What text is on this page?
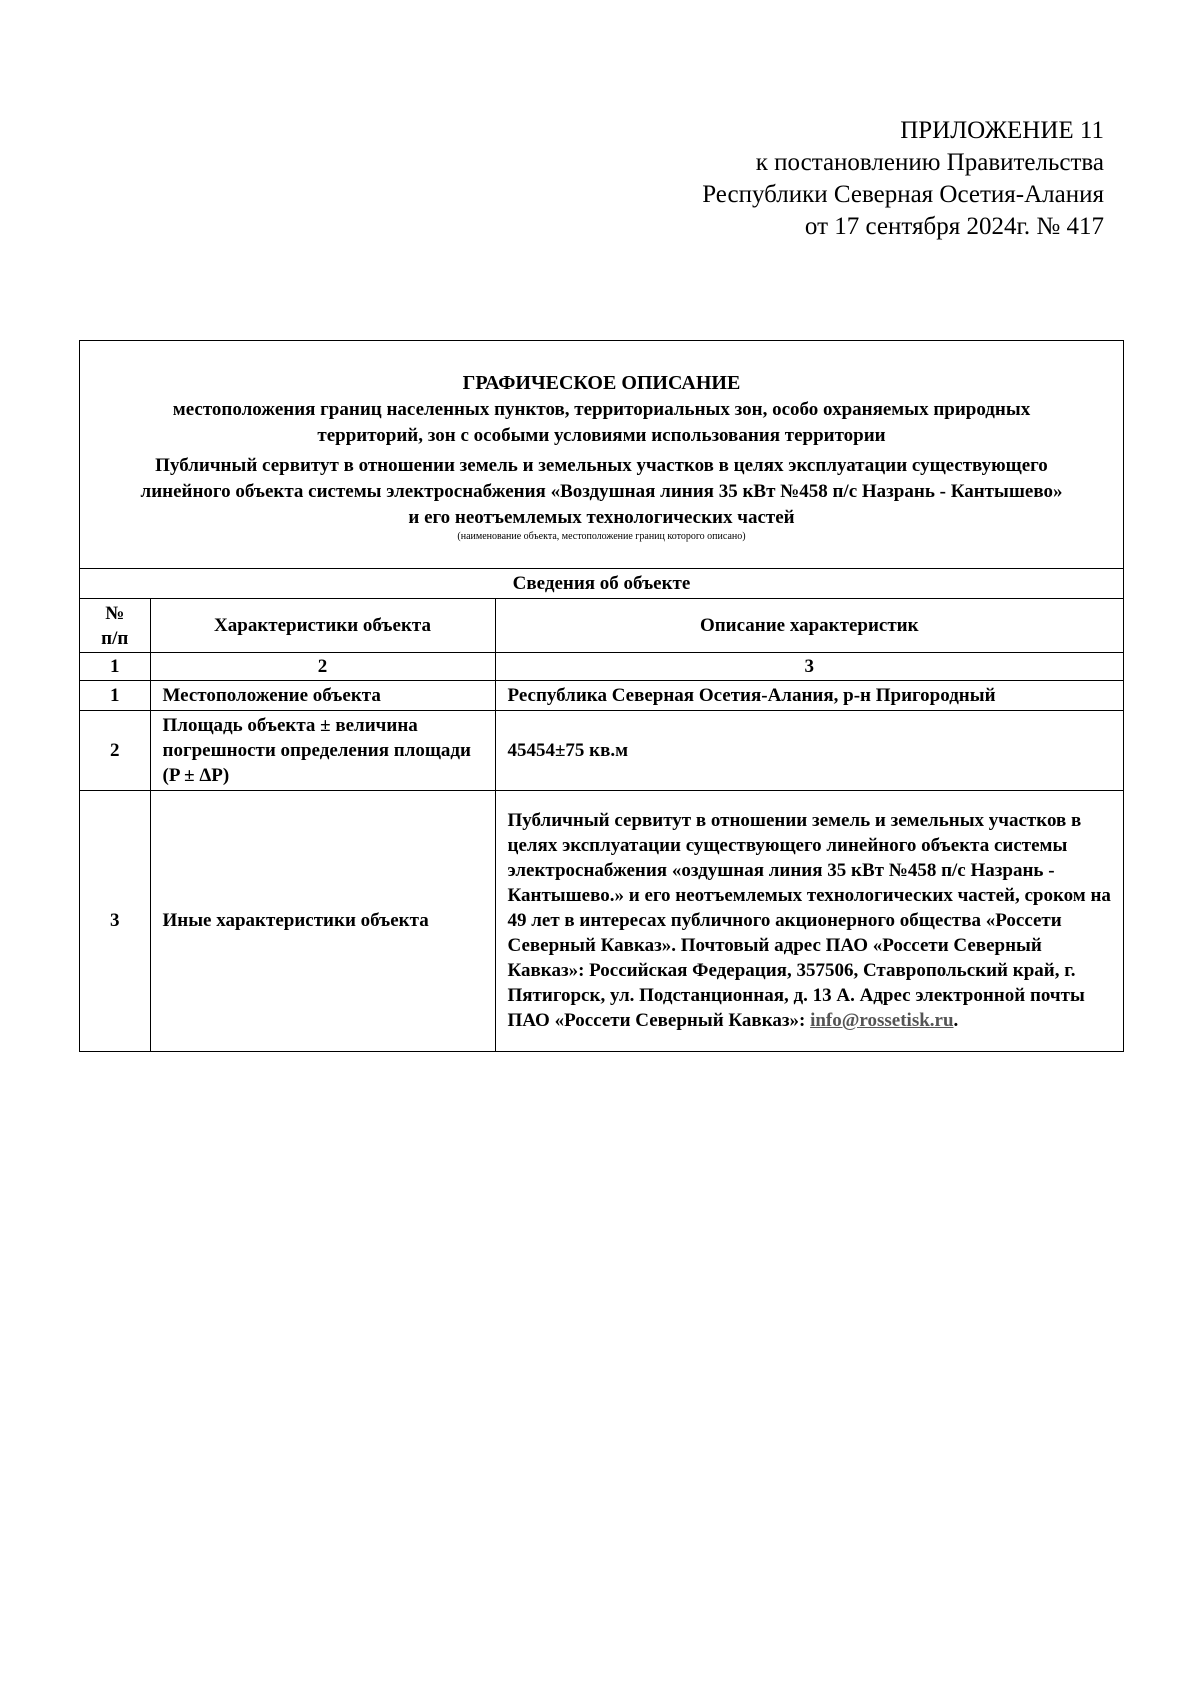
ПРИЛОЖЕНИЕ 11
к постановлению Правительства
Республики Северная Осетия-Алания
от 17 сентября 2024г. № 417
ГРАФИЧЕСКОЕ ОПИСАНИЕ
местоположения границ населенных пунктов, территориальных зон, особо охраняемых природных территорий, зон с особыми условиями использования территории
Публичный сервитут в отношении земель и земельных участков в целях эксплуатации существующего
линейного объекта системы электроснабжения «Воздушная линия 35 кВт №458 п/с Назрань - Кантышево»
и его неотъемлемых технологических частей
(наименование объекта, местоположение границ которого описано)
Сведения об объекте		
№ п/п	Характеристики объекта	Описание характеристик
1	2	3
1	Местоположение объекта	Республика Северная Осетия-Алания, р-н Пригородный
2	Площадь объекта ± величина погрешности определения площади (P ± ΔP)	45454±75 кв.м
3	Иные характеристики объекта	Публичный сервитут в отношении земель и земельных участков в целях эксплуатации существующего линейного объекта системы электроснабжения «оздушная линия 35 кВт №458 п/с Назрань - Кантышево.» и его неотъемлемых технологических частей, сроком на 49 лет в интересах публичного акционерного общества «Россети Северный Кавказ». Почтовый адрес ПАО «Россети Северный Кавказ»: Российская Федерация, 357506, Ставропольский край, г. Пятигорск, ул. Подстанционная, д. 13 А. Адрес электронной почты ПАО «Россети Северный Кавказ»: info@rossetisk.ru.
